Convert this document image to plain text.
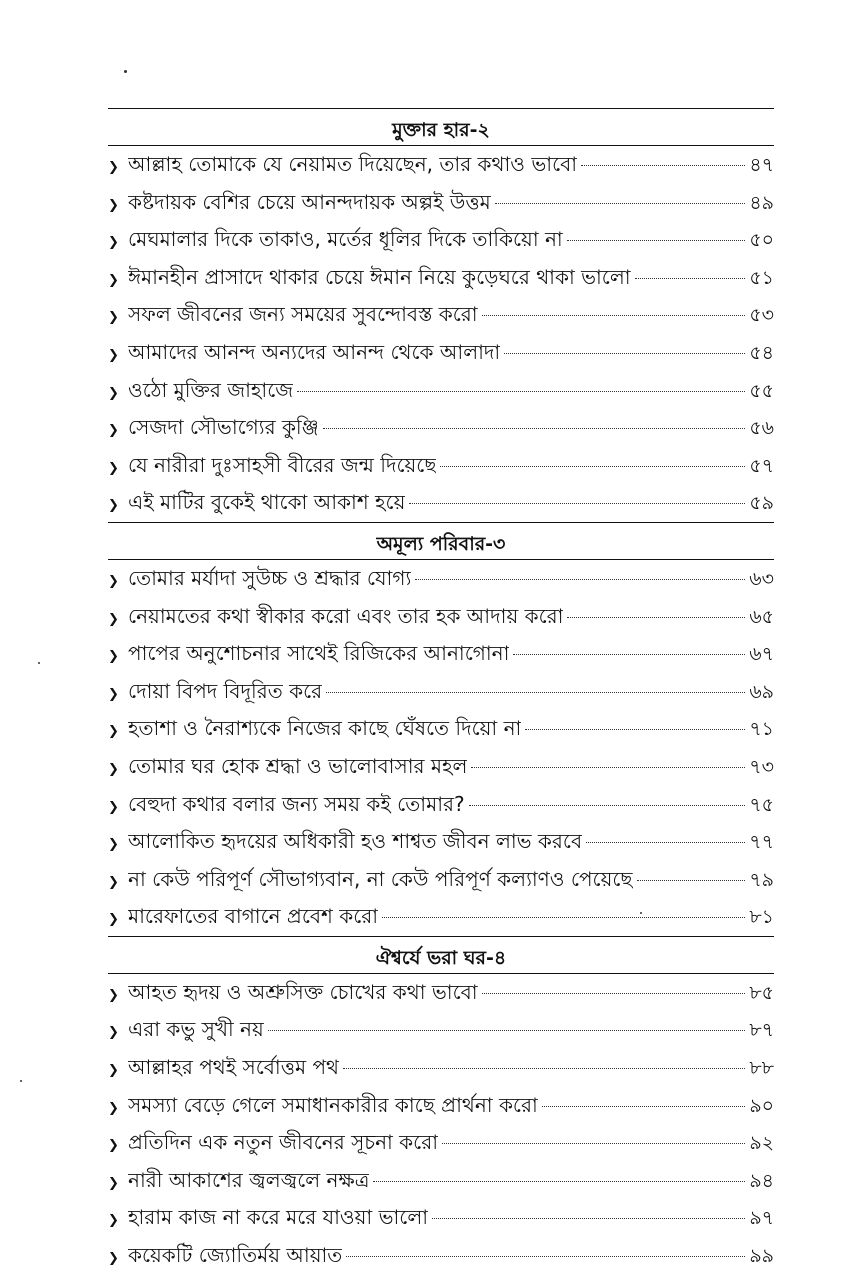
মুক্তার হার-২
❯ আল্লাহ তোমাকে যে নেয়ামত দিয়েছেন, তার কথাও ভাবো	৪৭
❯ কষ্টদায়ক বেশির চেয়ে আনন্দদায়ক অল্পই উত্তম	৪৯
❯ মেঘমালার দিকে তাকাও, মর্তের ধূলির দিকে তাকিয়ো না	৫০
❯ ঈমানহীন প্রাসাদে থাকার চেয়ে ঈমান নিয়ে কুড়েঘরে থাকা ভালো	৫১
❯ সফল জীবনের জন্য সময়ের সুবন্দোবস্ত করো	৫৩
❯ আমাদের আনন্দ অন্যদের আনন্দ থেকে আলাদা	৫৪
❯ ওঠো মুক্তির জাহাজে	৫৫
❯ সেজদা সৌভাগ্যের কুঞ্জি	৫৬
❯ যে নারীরা দুঃসাহসী বীরের জন্ম দিয়েছে	৫৭
❯ এই মাটির বুকেই থাকো আকাশ হয়ে	৫৯
অমূল্য পরিবার-৩
❯ তোমার মর্যাদা সুউচ্চ ও শ্রদ্ধার যোগ্য	৬৩
❯ নেয়ামতের কথা স্বীকার করো এবং তার হক আদায় করো	৬৫
❯ পাপের অনুশোচনার সাথেই রিজিকের আনাগোনা	৬৭
❯ দোয়া বিপদ বিদূরিত করে	৬৯
❯ হতাশা ও নৈরাশ্যকে নিজের কাছে ঘেঁষতে দিয়ো না	৭১
❯ তোমার ঘর হোক শ্রদ্ধা ও ভালোবাসার মহল	৭৩
❯ বেহুদা কথার বলার জন্য সময় কই তোমার?	৭৫
❯ আলোকিত হৃদয়ের অধিকারী হও শাশ্বত জীবন লাভ করবে	৭৭
❯ না কেউ পরিপূর্ণ সৌভাগ্যবান, না কেউ পরিপূর্ণ কল্যাণও পেয়েছে	৭৯
❯ মারেফাতের বাগানে প্রবেশ করো	৮১
ঐশ্বর্যে ভরা ঘর-৪
❯ আহত হৃদয় ও অশ্রুসিক্ত চোখের কথা ভাবো	৮৫
❯ এরা কভু সুখী নয়	৮৭
❯ আল্লাহর পথই সর্বোত্তম পথ	৮৮
❯ সমস্যা বেড়ে গেলে সমাধানকারীর কাছে প্রার্থনা করো	৯০
❯ প্রতিদিন এক নতুন জীবনের সূচনা করো	৯২
❯ নারী আকাশের জ্বলজ্বলে নক্ষত্র	৯৪
❯ হারাম কাজ না করে মরে যাওয়া ভালো	৯৭
❯ কয়েকটি জ্যোতির্ময় আয়াত	৯৯
